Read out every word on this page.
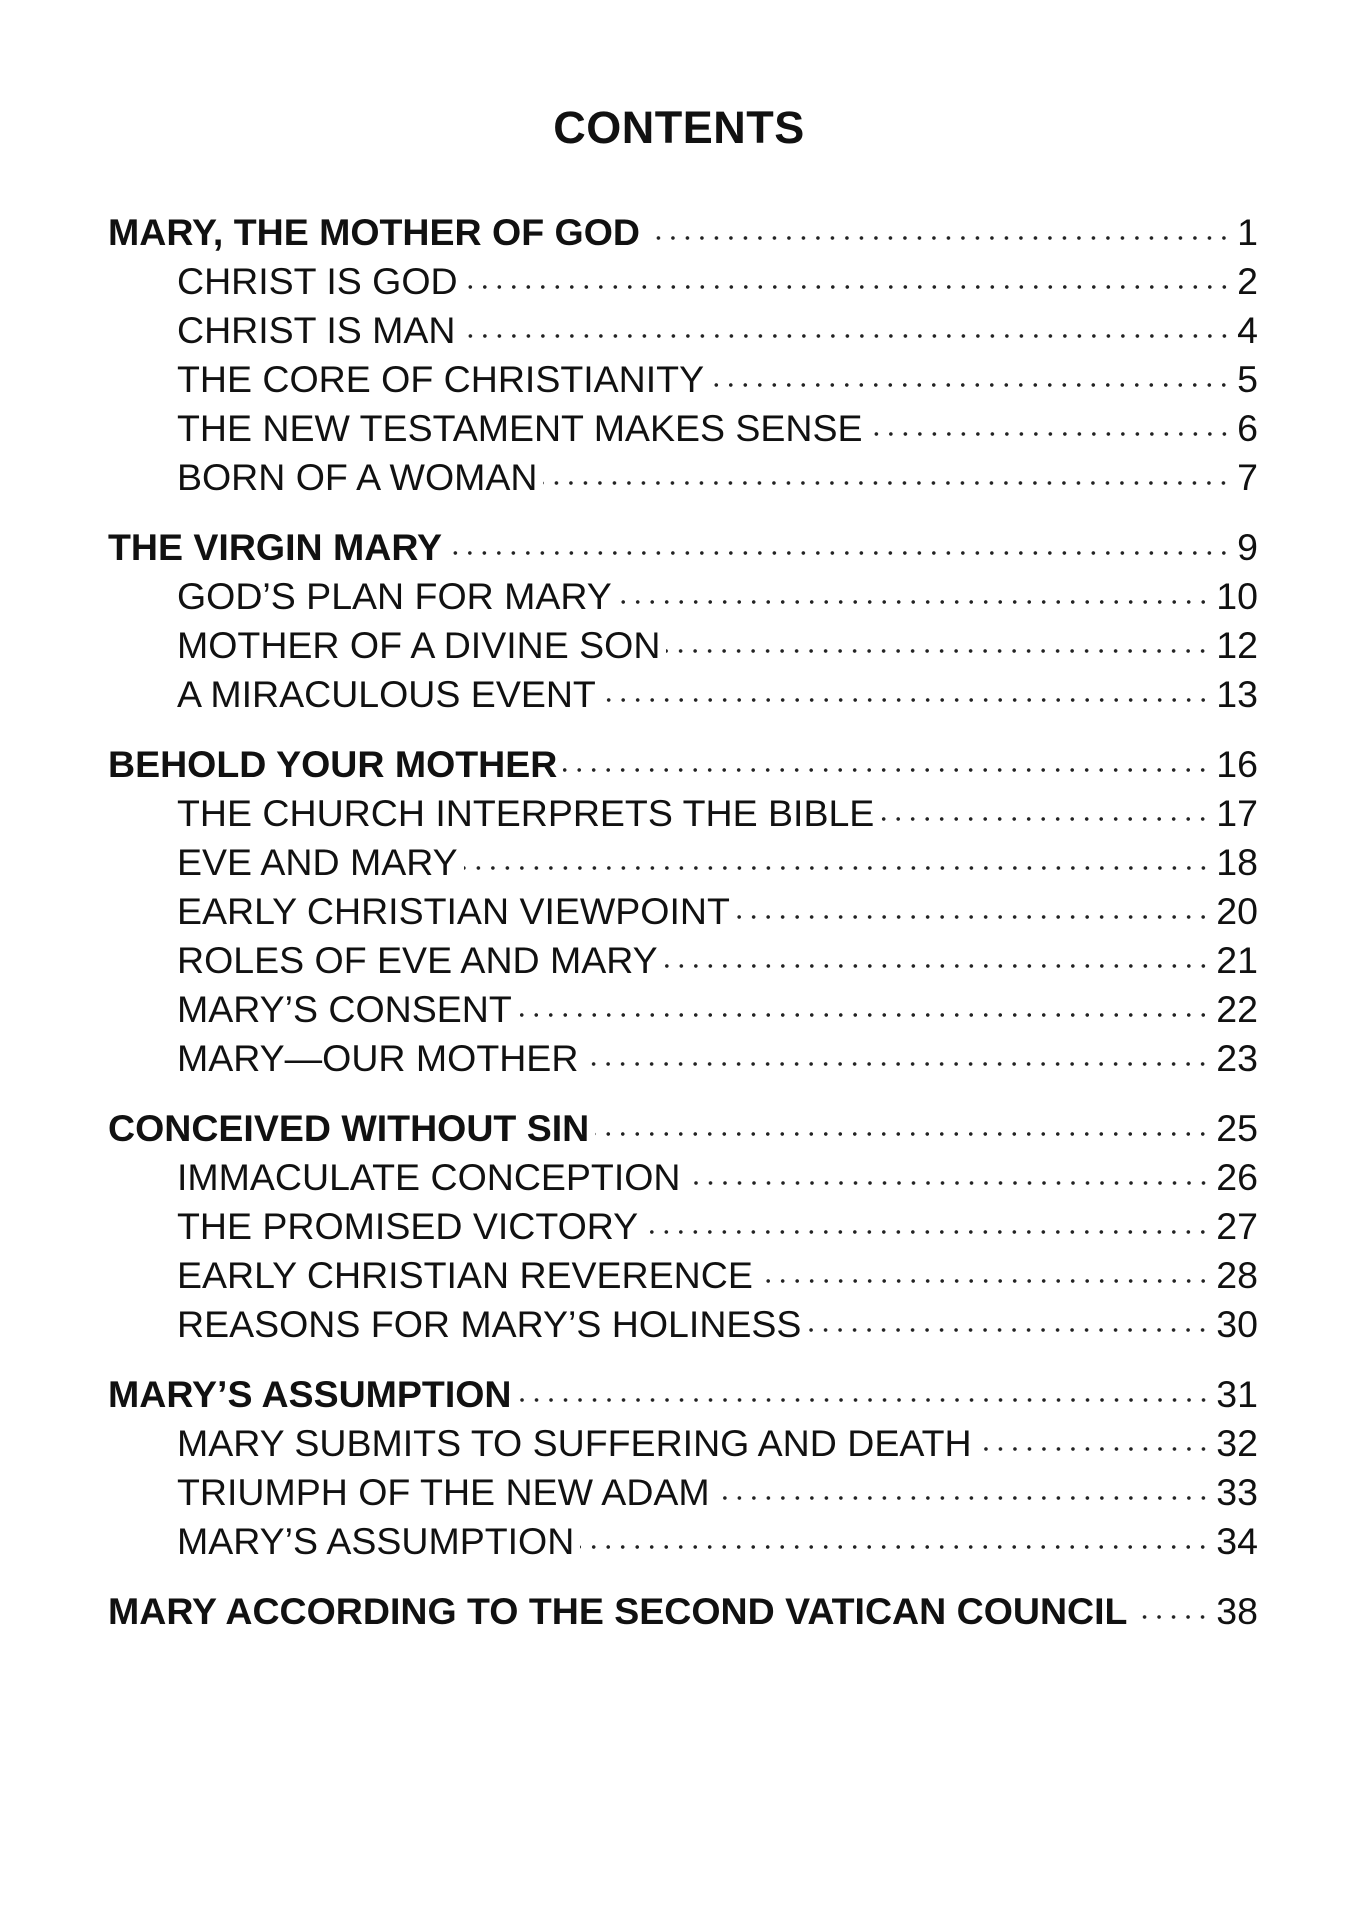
CONTENTS
MARY, THE MOTHER OF GOD	1
CHRIST IS GOD	2
CHRIST IS MAN	4
THE CORE OF CHRISTIANITY	5
THE NEW TESTAMENT MAKES SENSE	6
BORN OF A WOMAN	7
THE VIRGIN MARY	9
GOD’S PLAN FOR MARY	10
MOTHER OF A DIVINE SON	12
A MIRACULOUS EVENT	13
BEHOLD YOUR MOTHER	16
THE CHURCH INTERPRETS THE BIBLE	17
EVE AND MARY	18
EARLY CHRISTIAN VIEWPOINT	20
ROLES OF EVE AND MARY	21
MARY’S CONSENT	22
MARY—OUR MOTHER	23
CONCEIVED WITHOUT SIN	25
IMMACULATE CONCEPTION	26
THE PROMISED VICTORY	27
EARLY CHRISTIAN REVERENCE	28
REASONS FOR MARY’S HOLINESS	30
MARY’S ASSUMPTION	31
MARY SUBMITS TO SUFFERING AND DEATH	32
TRIUMPH OF THE NEW ADAM	33
MARY’S ASSUMPTION	34
MARY ACCORDING TO THE SECOND VATICAN COUNCIL 38
